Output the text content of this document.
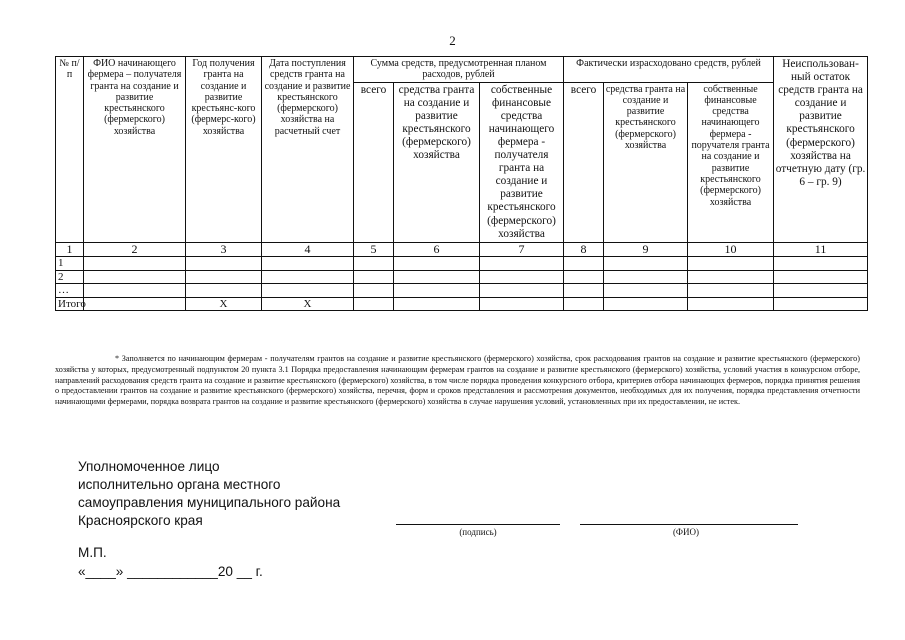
2
№ п/п	ФИО начинающего фермера – получателя гранта на создание и развитие крестьянского (фермерского) хозяйства	Год получения гранта на создание и развитие крестьянс-кого (фермерс-кого) хозяйства	Дата поступления средств гранта на создание и развитие крестьянского (фермерского) хозяйства на расчетный счет	Сумма средств, предусмотренная планом расходов, рублей			Фактически израсходовано средств, рублей			Неиспользован-ный остаток средств гранта на создание и развитие крестьянского (фермерского) хозяйства на отчетную дату (гр. 6 – гр. 9)
				всего	средства гранта на создание и развитие крестьянского (фермерского) хозяйства	собственные финансовые средства начинающего фермера - получателя гранта на создание и развитие крестьянского (фермерского) хозяйства	всего	средства гранта на создание и развитие крестьянского (фермерского) хозяйства	собственные финансовые средства начинающего фермера - поручателя гранта на создание и развитие крестьянского (фермерского) хозяйства	
1	2	3	4	5	6	7	8	9	10	11
1										
2										
…										
Итого		X	X							
* Заполняется по начинающим фермерам - получателям грантов на создание и развитие крестьянского (фермерского) хозяйства, срок расходования грантов на создание и развитие крестьянского (фермерского) хозяйства у которых, предусмотренный подпунктом 20 пункта 3.1 Порядка предоставления начинающим фермерам грантов на создание и развитие крестьянского (фермерского) хозяйства, условий участия в конкурсном отборе, направлений расходования средств гранта на создание и развитие крестьянского (фермерского) хозяйства, в том числе порядка проведения конкурсного отбора, критериев отбора начинающих фермеров, порядка принятия решения о предоставлении грантов на создание и развитие крестьянского (фермерского) хозяйства, перечня, форм и сроков представления и рассмотрения документов, необходимых для их получения, порядка представления отчетности начинающими фермерами, порядка возврата грантов на создание и развитие крестьянского (фермерского) хозяйства в случае нарушения условий, установленных при их предоставлении, не истек.
Уполномоченное лицо
исполнительно органа местного
самоуправления муниципального района
Красноярского края
(подпись)	(ФИО)
М.П.
«____» ____________20 __ г.
